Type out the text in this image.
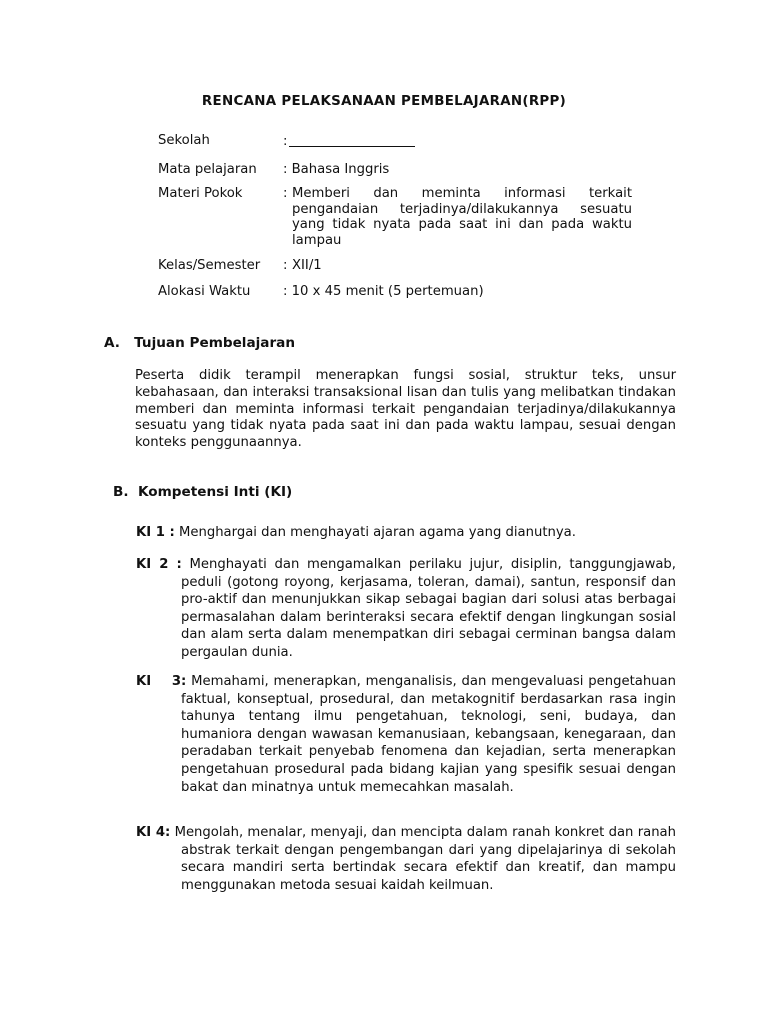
RENCANA PELAKSANAAN PEMBELAJARAN(RPP)
Sekolah	:
Mata pelajaran : Bahasa Inggris
Materi Pokok	: Memberi dan meminta informasi terkait pengandaian terjadinya/dilakukannya sesuatu yang tidak nyata pada saat ini dan pada waktu lampau
Kelas/Semester : XII/1
Alokasi Waktu : 10 x 45 menit (5 pertemuan)
A.   Tujuan Pembelajaran
Peserta didik terampil menerapkan fungsi sosial, struktur teks, unsur kebahasaan, dan interaksi transaksional lisan dan tulis yang melibatkan tindakan memberi dan meminta informasi terkait pengandaian terjadinya/dilakukannya sesuatu yang tidak nyata pada saat ini dan pada waktu lampau, sesuai dengan konteks penggunaannya.
B.  Kompetensi Inti (KI)
KI 1 : Menghargai dan menghayati ajaran agama yang dianutnya.
KI 2 : Menghayati dan mengamalkan perilaku jujur, disiplin, tanggungjawab, peduli (gotong royong, kerjasama, toleran, damai), santun, responsif dan pro-aktif dan menunjukkan sikap sebagai bagian dari solusi atas berbagai permasalahan dalam berinteraksi secara efektif dengan lingkungan sosial dan alam serta dalam menempatkan diri sebagai cerminan bangsa dalam pergaulan dunia.
KI    3: Memahami, menerapkan, menganalisis, dan mengevaluasi pengetahuan faktual, konseptual, prosedural, dan metakognitif berdasarkan rasa ingin tahunya tentang ilmu pengetahuan, teknologi, seni, budaya, dan humaniora dengan wawasan kemanusiaan, kebangsaan, kenegaraan, dan peradaban terkait penyebab fenomena dan kejadian, serta menerapkan pengetahuan prosedural pada bidang kajian yang spesifik sesuai dengan bakat dan minatnya untuk memecahkan masalah.
KI 4: Mengolah, menalar, menyaji, dan mencipta dalam ranah konkret dan ranah abstrak terkait dengan pengembangan dari yang dipelajarinya di sekolah secara mandiri serta bertindak secara efektif dan kreatif, dan mampu menggunakan metoda sesuai kaidah keilmuan.
